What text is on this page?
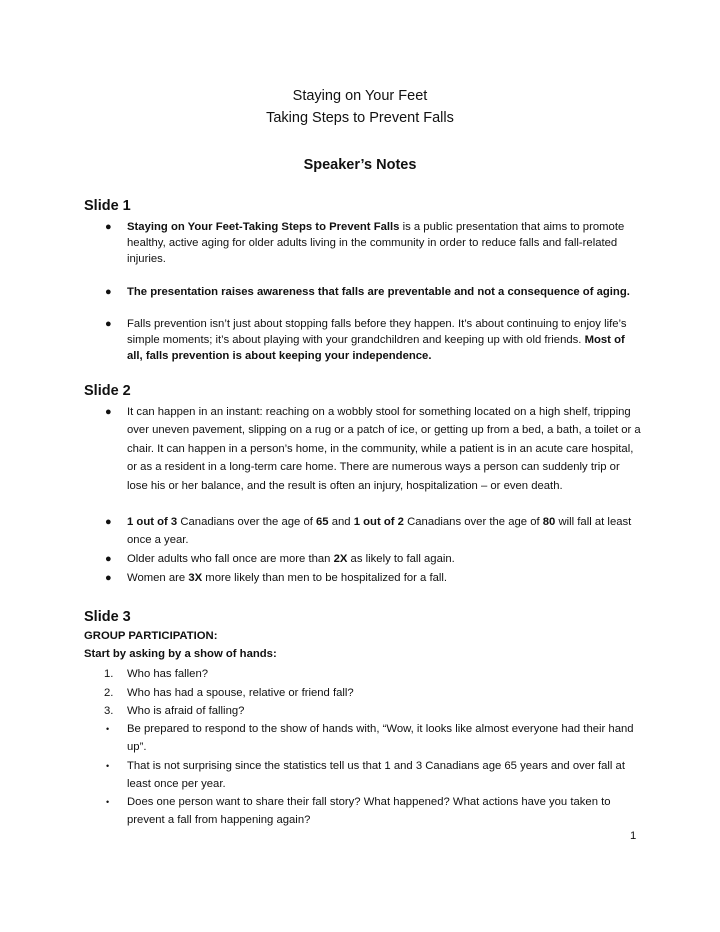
Staying on Your Feet
Taking Steps to Prevent Falls
Speaker’s Notes
Slide 1
● Staying on Your Feet-Taking Steps to Prevent Falls is a public presentation that aims to promote healthy, active aging for older adults living in the community in order to reduce falls and fall-related injuries.
● The presentation raises awareness that falls are preventable and not a consequence of aging.
● Falls prevention isn’t just about stopping falls before they happen. It’s about continuing to enjoy life’s simple moments; it’s about playing with your grandchildren and keeping up with old friends. Most of all, falls prevention is about keeping your independence.
Slide 2
● It can happen in an instant: reaching on a wobbly stool for something located on a high shelf, tripping over uneven pavement, slipping on a rug or a patch of ice, or getting up from a bed, a bath, a toilet or a chair. It can happen in a person’s home, in the community, while a patient is in an acute care hospital, or as a resident in a long-term care home. There are numerous ways a person can suddenly trip or lose his or her balance, and the result is often an injury, hospitalization – or even death.
● 1 out of 3 Canadians over the age of 65 and 1 out of 2 Canadians over the age of 80 will fall at least once a year.
● Older adults who fall once are more than 2X as likely to fall again.
● Women are 3X more likely than men to be hospitalized for a fall.
Slide 3
GROUP PARTICIPATION:
Start by asking by a show of hands:
1. Who has fallen?
2. Who has had a spouse, relative or friend fall?
3. Who is afraid of falling?
• Be prepared to respond to the show of hands with, “Wow, it looks like almost everyone had their hand up”.
• That is not surprising since the statistics tell us that 1 and 3 Canadians age 65 years and over fall at least once per year.
• Does one person want to share their fall story? What happened? What actions have you taken to prevent a fall from happening again?
1
